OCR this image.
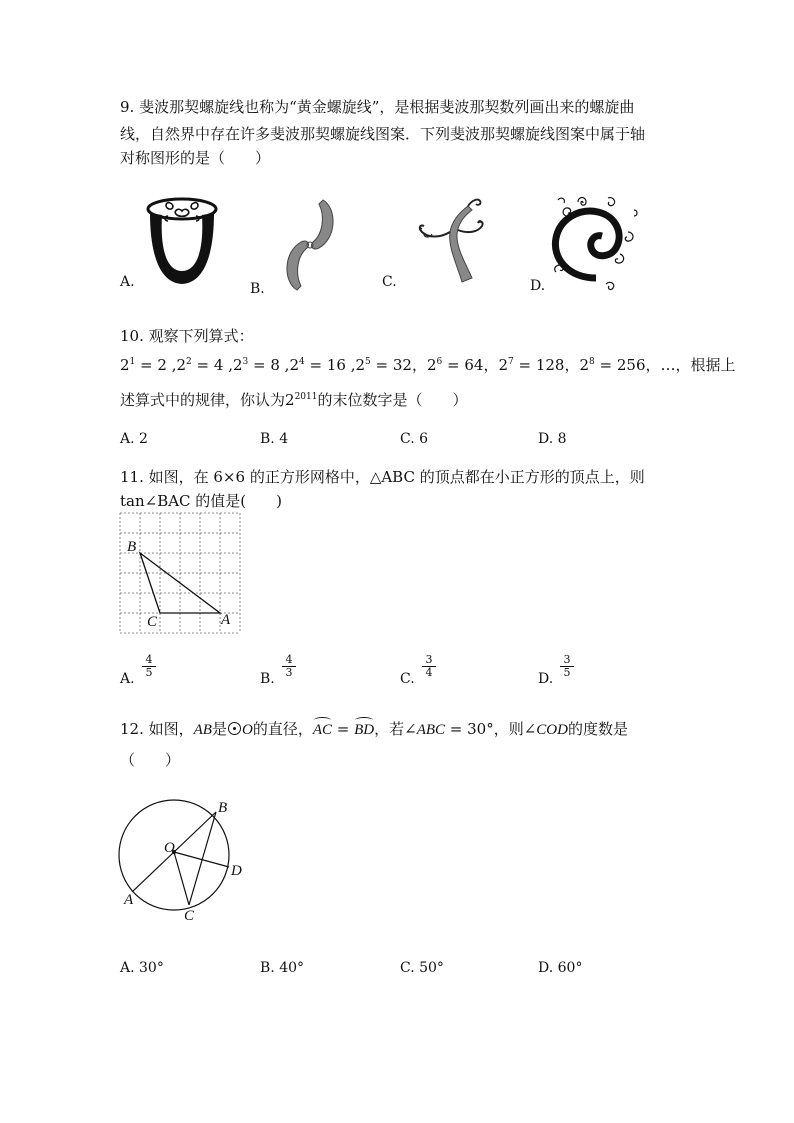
9. 斐波那契螺旋线也称为“黄金螺旋线”，是根据斐波那契数列画出来的螺旋曲
线，自然界中存在许多斐波那契螺旋线图案．下列斐波那契螺旋线图案中属于轴
对称图形的是（　　）
A.	B.	C.	D.
10. 观察下列算式：
$2^1 = 2$ $,2^2 = 4$ $,2^3 = 8$ $,2^4 = 16$ $,2^5 = 32$，$2^6 = 64$，$2^7 = 128$，$2^8 = 256$，…，根据上
述算式中的规律，你认为$2^{2011}$的末位数字是（　　）
A. 2	B. 4	C. 6	D. 8
11. 如图，在 6×6 的正方形网格中，△ABC 的顶点都在小正方形的顶点上，则
tan∠BAC 的值是(　　)
B
C	A
A. $\frac{4}{5}$	B. $\frac{4}{3}$	C. $\frac{3}{4}$	D. $\frac{3}{5}$
12. 如图，AB是 O的直径，AC = BD，若∠ABC = 30°，则∠COD的度数是
（　　）
B
O
D
A
C
A. 30°	B. 40°	C. 50°	D. 60°
